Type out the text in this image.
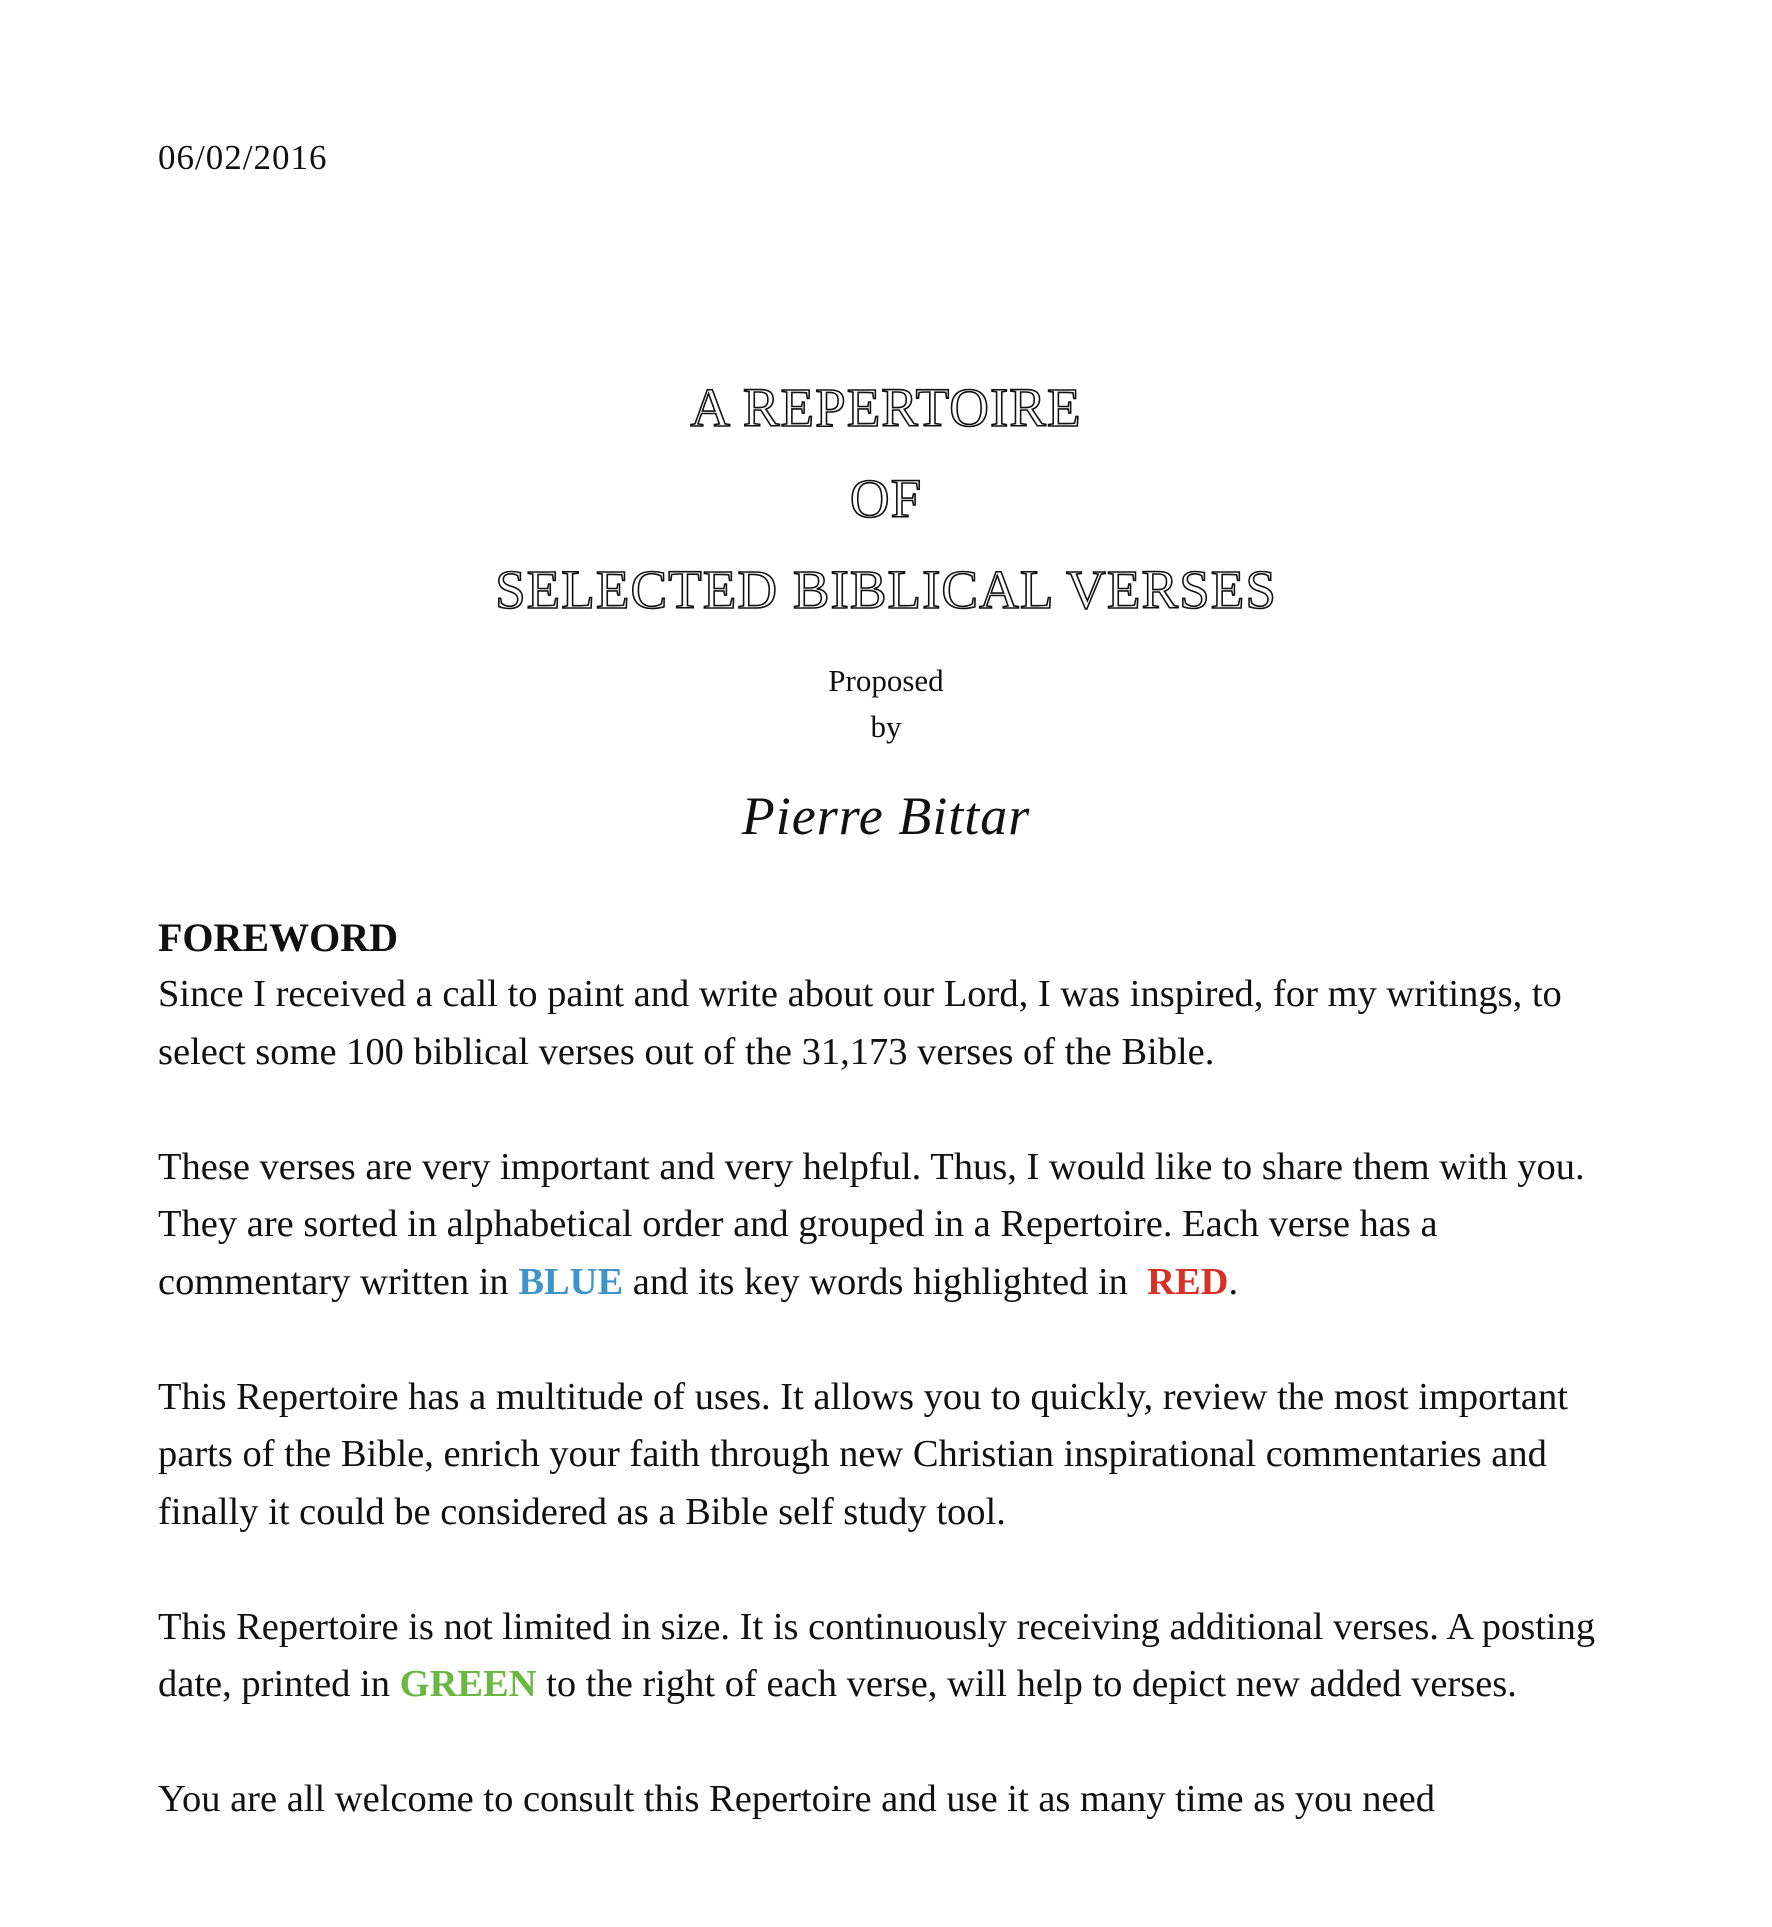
06/02/2016
A REPERTOIRE
OF
SELECTED BIBLICAL VERSES
Proposed
by
Pierre Bittar

FOREWORD

Since I received a call to paint and write about our Lord, I was inspired, for my writings, to select some 100 biblical verses out of the 31,173 verses of the Bible.

These verses are very important and very helpful. Thus, I would like to share them with you. They are sorted in alphabetical order and grouped in a Repertoire. Each verse has a commentary written in BLUE and its key words highlighted in  RED.

This Repertoire has a multitude of uses. It allows you to quickly, review the most important parts of the Bible, enrich your faith through new Christian inspirational commentaries and finally it could be considered as a Bible self study tool.

This Repertoire is not limited in size. It is continuously receiving additional verses. A posting date, printed in GREEN to the right of each verse, will help to depict new added verses.

You are all welcome to consult this Repertoire and use it as many time as you need
